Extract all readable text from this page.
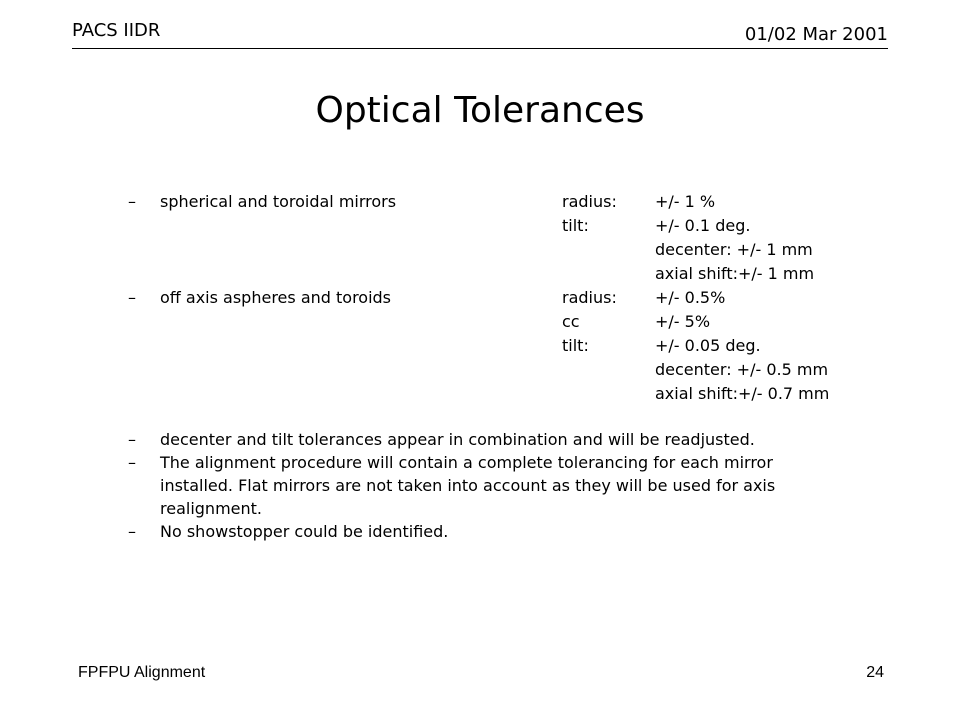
PACS IIDR	01/02 Mar 2001
Optical Tolerances
– spherical and toroidal mirrors	radius: +/- 1 %
tilt:	+/- 0.1 deg.
decenter: +/- 1 mm
axial shift:+/- 1 mm
– off axis aspheres and toroids	radius: +/- 0.5%
cc	+/- 5%
tilt:	+/- 0.05 deg.
decenter: +/- 0.5 mm
axial shift:+/- 0.7 mm
– decenter and tilt tolerances appear in combination and will be readjusted.
– The alignment procedure will contain a complete tolerancing for each mirror installed. Flat mirrors are not taken into account as they will be used for axis realignment.
– No showstopper could be identified.
FPFPU Alignment	24
